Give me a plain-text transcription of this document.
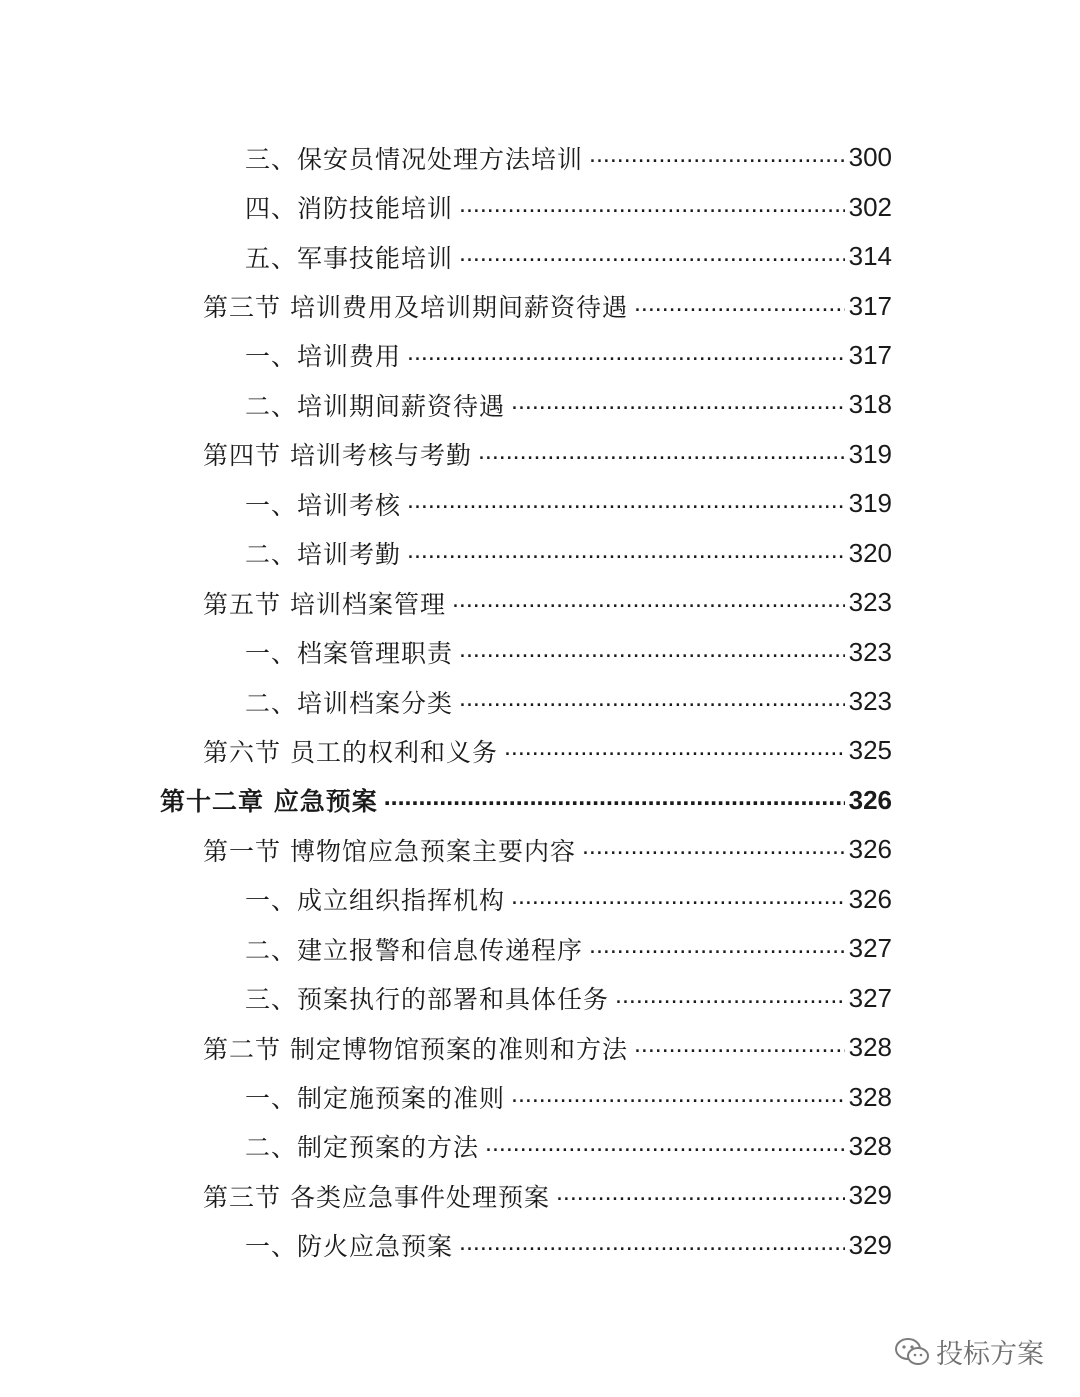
三、保安员情况处理方法培训 .....	300
四、消防技能培训 .....	302
五、军事技能培训 .....	314
第三节 培训费用及培训期间薪资待遇 .....	317
一、培训费用 .....	317
二、培训期间薪资待遇 .....	318
第四节 培训考核与考勤 .....	319
一、培训考核 .....	319
二、培训考勤 .....	320
第五节 培训档案管理 .....	323
一、档案管理职责 .....	323
二、培训档案分类 .....	323
第六节 员工的权利和义务 .....	325
第十二章 应急预案 .....	326
第一节 博物馆应急预案主要内容 .....	326
一、成立组织指挥机构 .....	326
二、建立报警和信息传递程序 .....	327
三、预案执行的部署和具体任务 .....	327
第二节 制定博物馆预案的准则和方法 .....	328
一、制定施预案的准则 .....	328
二、制定预案的方法 .....	328
第三节 各类应急事件处理预案 .....	329
一、防火应急预案 .....	329
投标方案
